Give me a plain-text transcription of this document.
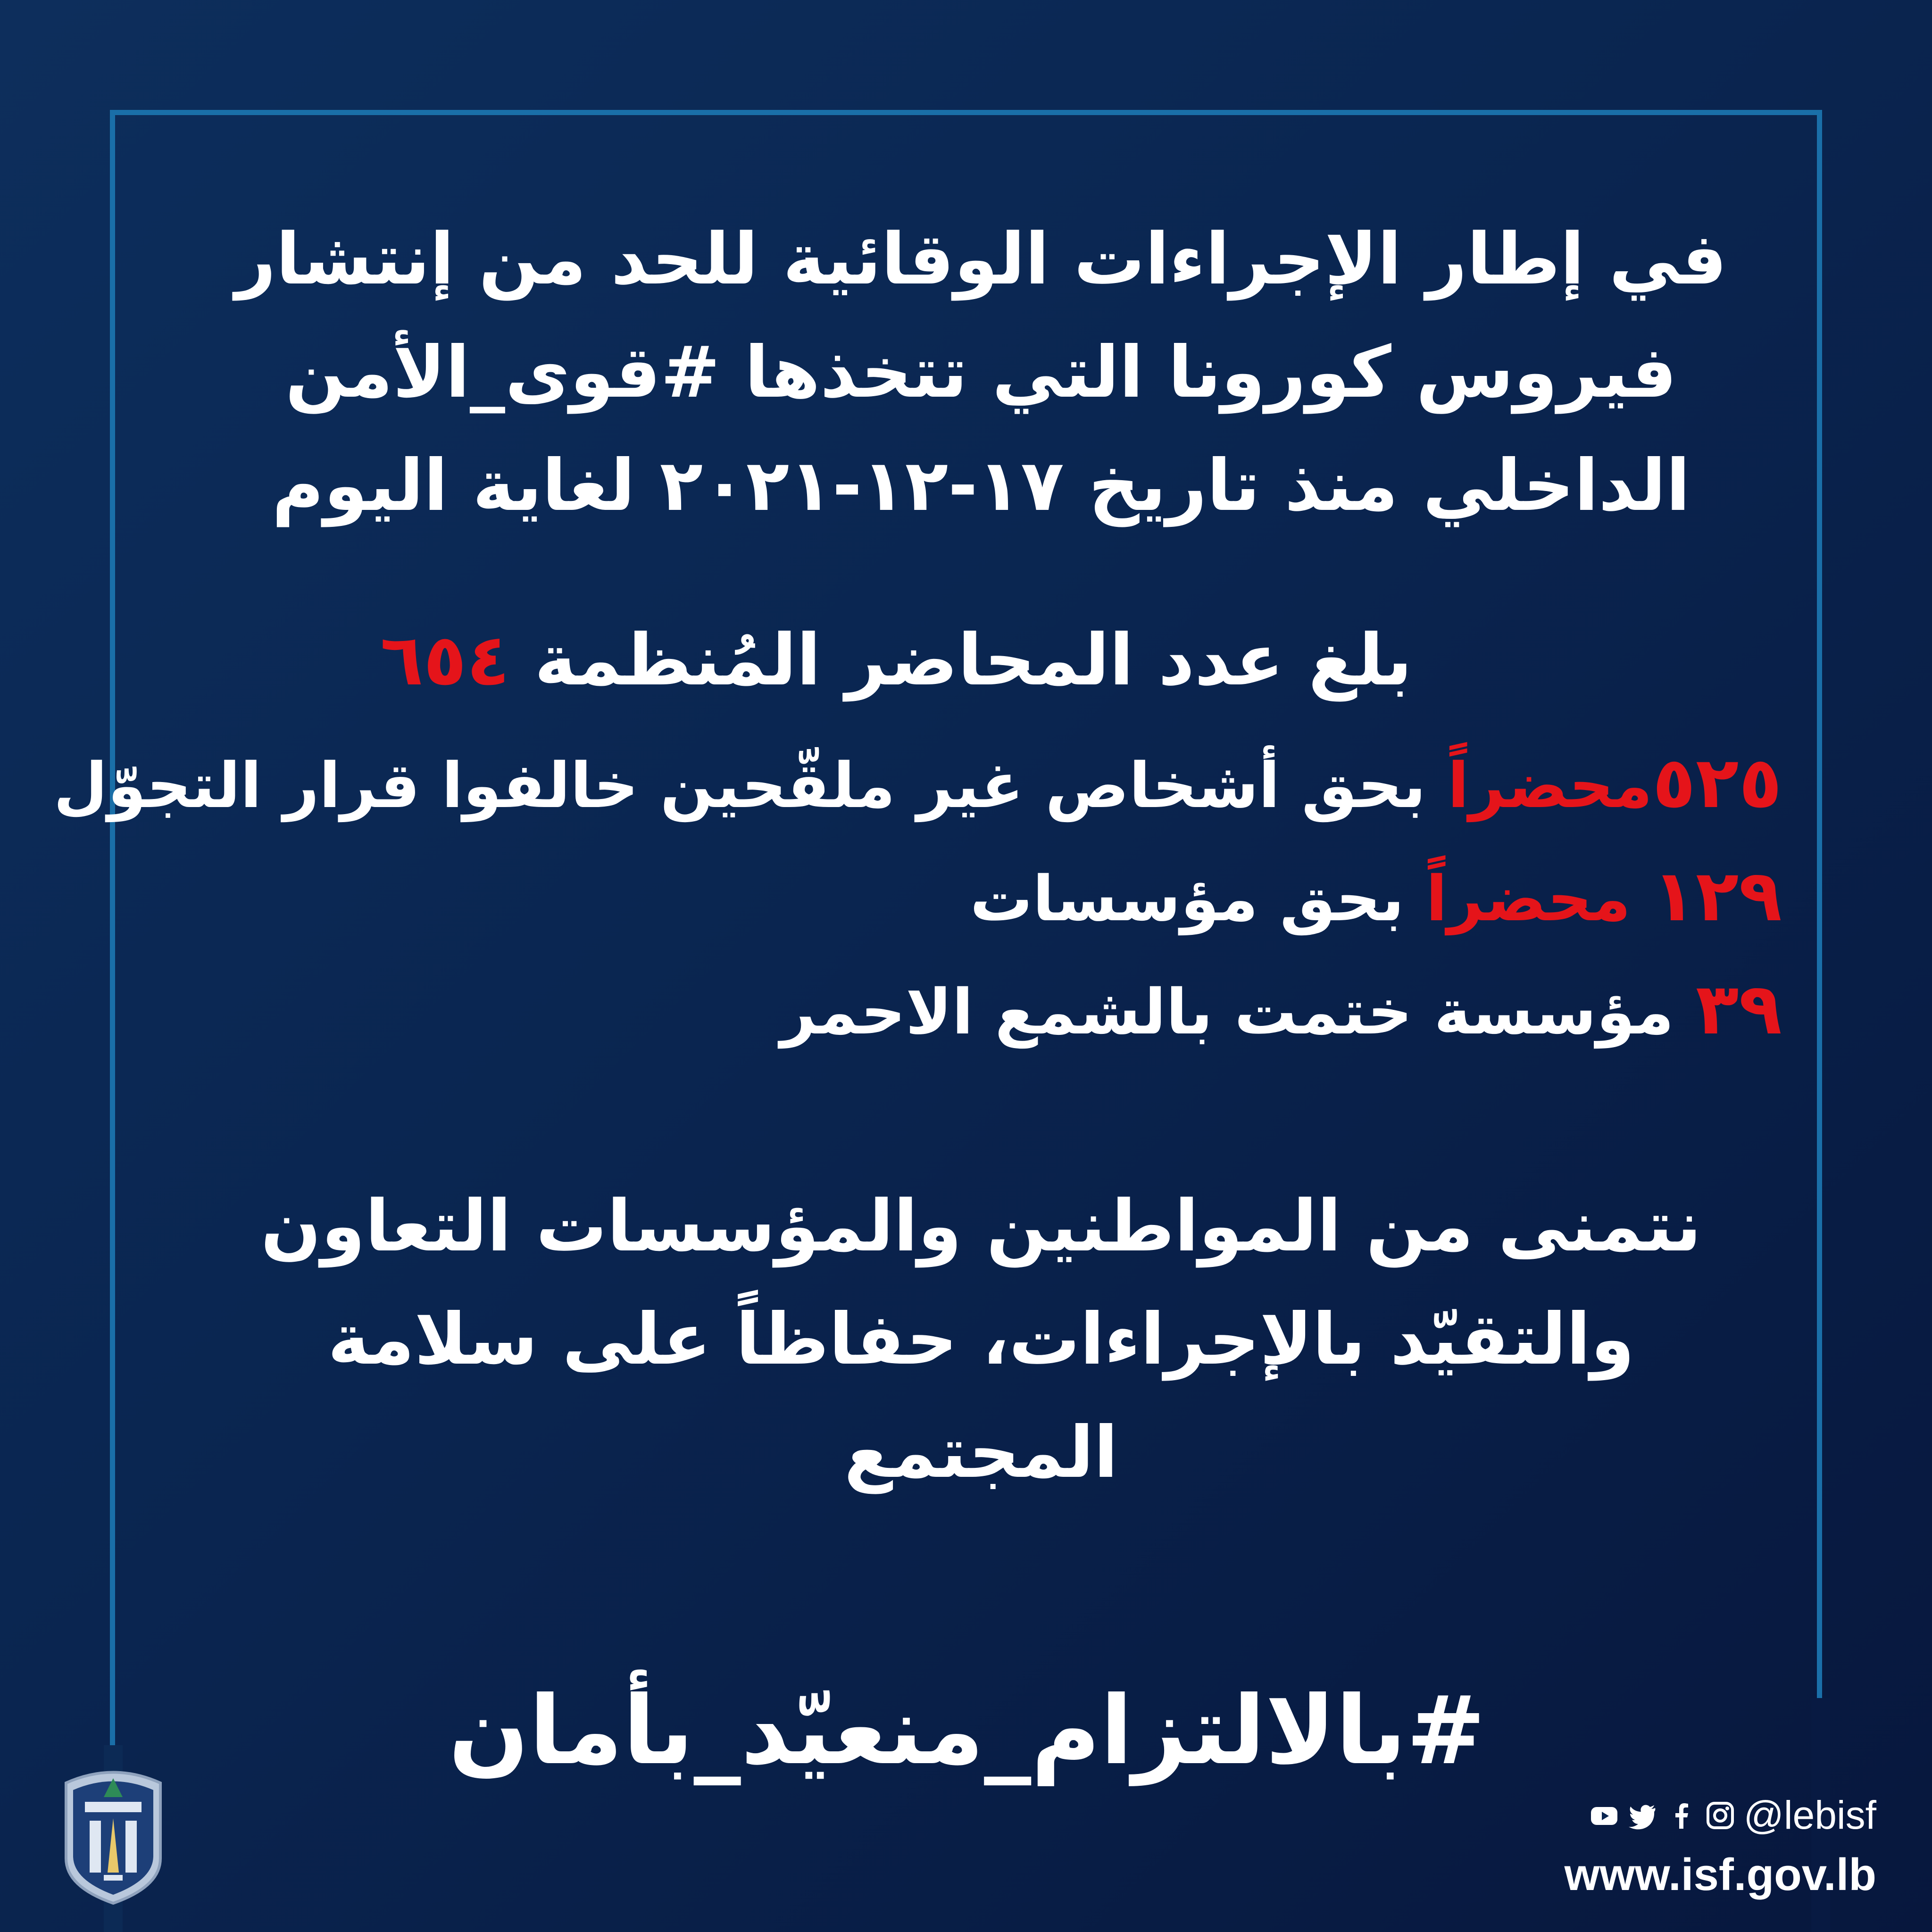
في إطار الإجراءات الوقائية للحد من إنتشار
فيروس كورونا التي تتخذها #قوى_الأمن
الداخلي منذ تاريخ ١٧-١٢-٢٠٢١ لغاية اليوم
بلغ عدد المحاضر المُنظمة ٦٥٤
٥٢٥محضراً بحق أشخاص غير ملقّحين خالفوا قرار التجوّل
١٢٩ محضراً بحق مؤسسات
٣٩ مؤسسة ختمت بالشمع الاحمر
نتمنى من المواطنين والمؤسسات التعاون
والتقيّد بالإجراءات، حفاظاً على سلامة
المجتمع
#بالالتزام_منعيّد_بأمان
@lebisf
www.isf.gov.lb
